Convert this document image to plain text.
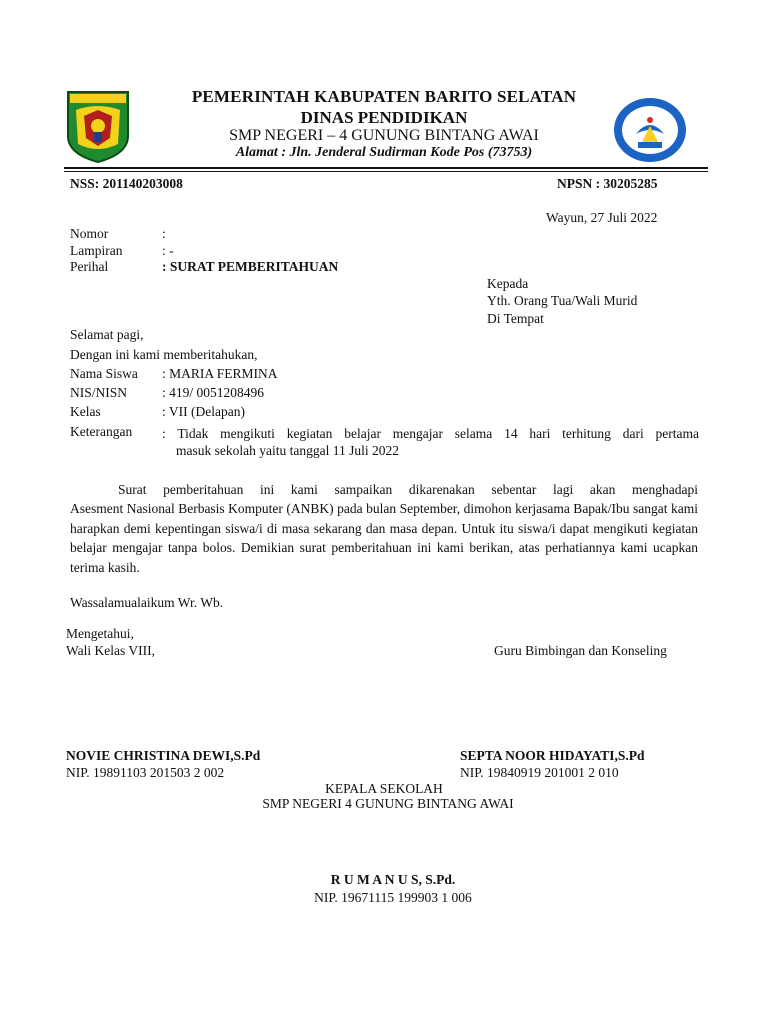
PEMERINTAH KABUPATEN BARITO SELATAN
DINAS PENDIDIKAN
SMP NEGERI – 4 GUNUNG BINTANG AWAI
Alamat : Jln. Jenderal Sudirman Kode Pos (73753)
NSS: 201140203008	NPSN : 30205285
Wayun, 27 Juli 2022
Nomor	:
Lampiran	: -
Perihal	: SURAT PEMBERITAHUAN
Kepada
Yth. Orang Tua/Wali Murid
Di Tempat
Selamat pagi,
Dengan ini kami memberitahukan,
Nama Siswa : MARIA FERMINA
NIS/NISN	: 419/ 0051208496
Kelas	: VII (Delapan)
Keterangan : Tidak mengikuti kegiatan belajar mengajar selama 14 hari terhitung dari pertama
masuk sekolah yaitu tanggal 11 Juli 2022
Surat pemberitahuan ini kami sampaikan dikarenakan sebentar lagi akan menghadapi
Asesment Nasional Berbasis Komputer (ANBK) pada bulan September, dimohon kerjasama Bapak/Ibu sangat kami harapkan demi kepentingan siswa/i di masa sekarang dan masa depan. Untuk itu siswa/i dapat mengikuti kegiatan belajar mengajar tanpa bolos. Demikian surat pemberitahuan ini kami berikan, atas perhatiannya kami ucapkan terima kasih.
Wassalamualaikum Wr. Wb.
Mengetahui,
Wali Kelas VIII,	Guru Bimbingan dan Konseling
NOVIE CHRISTINA DEWI,S.Pd
NIP. 19891103 201503 2 002
SEPTA NOOR HIDAYATI,S.Pd
NIP. 19840919 201001 2 010
KEPALA SEKOLAH
SMP NEGERI 4 GUNUNG BINTANG AWAI
R U M A N U S, S.Pd.
NIP. 19671115 199903 1 006
